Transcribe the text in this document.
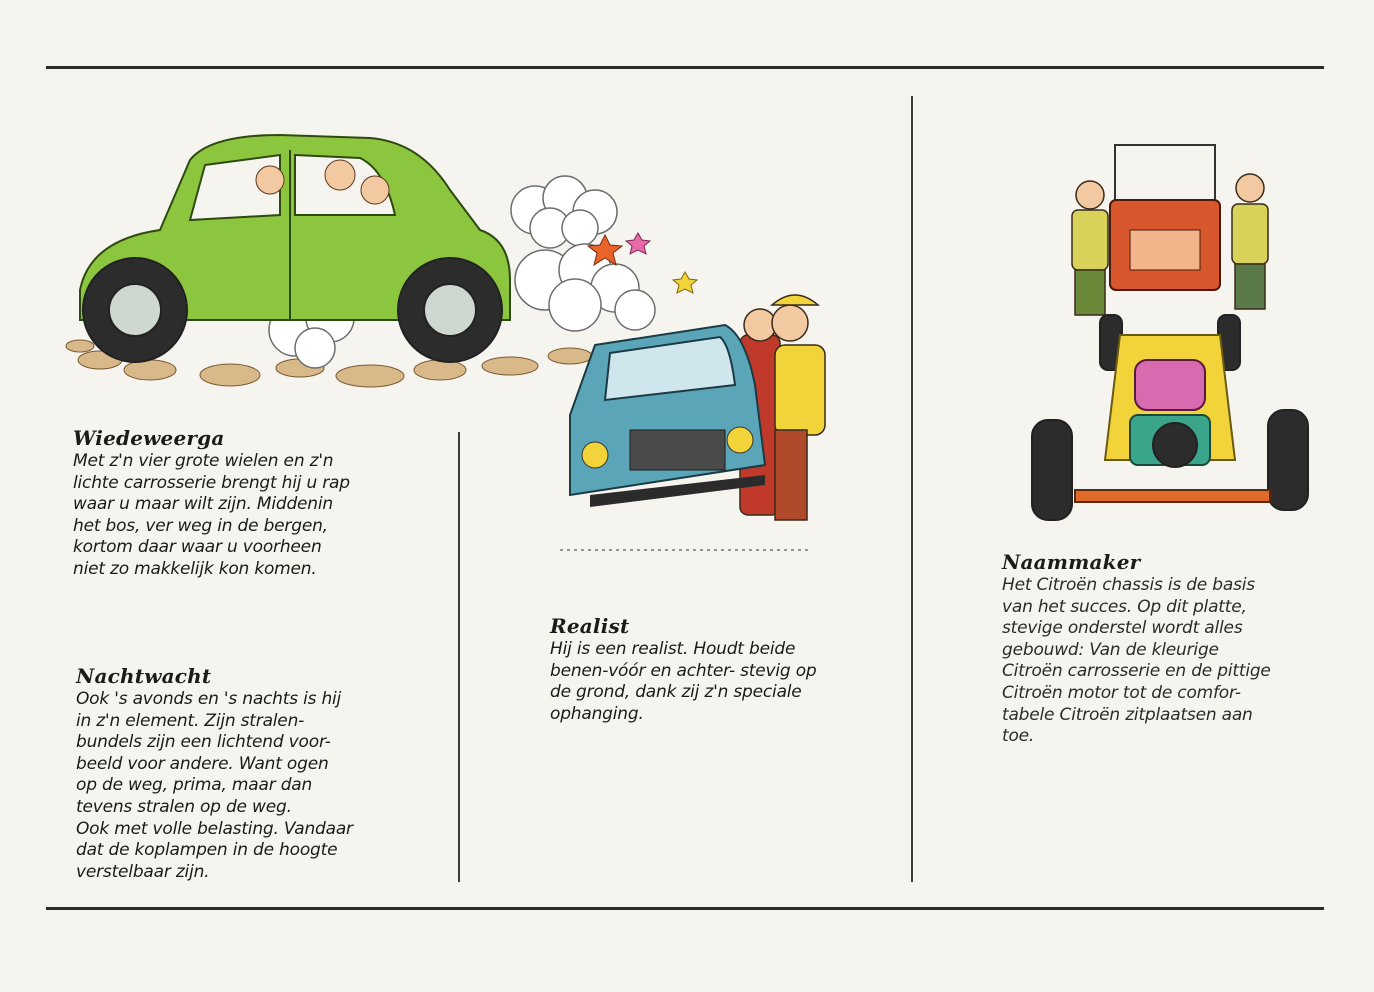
Wiedeweerga
Met z'n vier grote wielen en z'n
lichte carrosserie brengt hij u rap
waar u maar wilt zijn. Middenin
het bos, ver weg in de bergen,
kortom daar waar u voorheen
niet zo makkelijk kon komen.
Nachtwacht
Ook 's avonds en 's nachts is hij
in z'n element. Zijn stralen-
bundels zijn een lichtend voor-
beeld voor andere. Want ogen
op de weg, prima, maar dan
tevens stralen op de weg.
Ook met volle belasting. Vandaar
dat de koplampen in de hoogte
verstelbaar zijn.
Realist
Hij is een realist. Houdt beide
benen-vóór en achter- stevig op
de grond, dank zij z'n speciale
ophanging.
Naammaker
Het Citroën chassis is de basis
van het succes. Op dit platte,
stevige onderstel wordt alles
gebouwd: Van de kleurige
Citroën carrosserie en de pittige
Citroën motor tot de comfor-
tabele Citroën zitplaatsen aan
toe.
